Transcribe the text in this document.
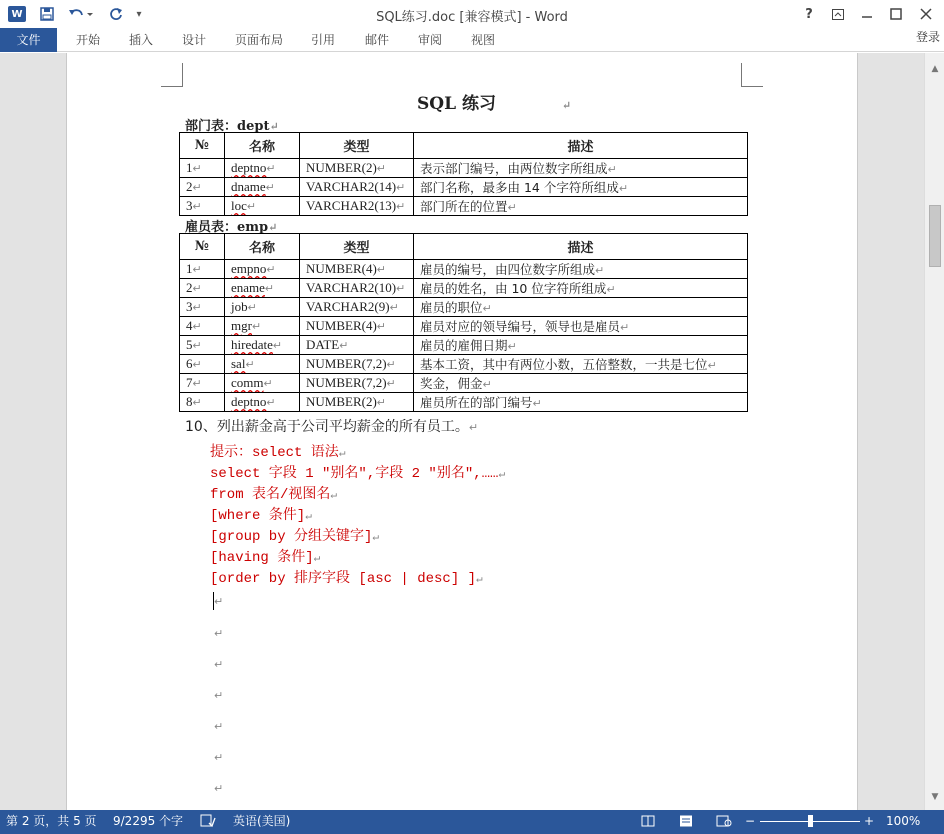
W	▾	SQL练习.doc [兼容模式] - Word	?
文件	开始	插入	设计	页面布局	引用	邮件	审阅	视图	登录
SQL 练习	↵
部门表：dept↵
№	名称	类型	描述
1↵	deptno↵	NUMBER(2)↵	表示部门编号，由两位数字所组成↵
2↵	dname↵	VARCHAR2(14)↵	部门名称，最多由 14 个字符所组成↵
3↵	loc↵	VARCHAR2(13)↵	部门所在的位置↵
雇员表：emp↵
№	名称	类型	描述
1↵	empno↵	NUMBER(4)↵	雇员的编号，由四位数字所组成↵
2↵	ename↵	VARCHAR2(10)↵	雇员的姓名，由 10 位字符所组成↵
3↵	job↵	VARCHAR2(9)↵	雇员的职位↵
4↵	mgr↵	NUMBER(4)↵	雇员对应的领导编号，领导也是雇员↵
5↵	hiredate↵	DATE↵	雇员的雇佣日期↵
6↵	sal↵	NUMBER(7,2)↵	基本工资，其中有两位小数，五倍整数，一共是七位↵
7↵	comm↵	NUMBER(7,2)↵	奖金，佣金↵
8↵	deptno↵	NUMBER(2)↵	雇员所在的部门编号↵
10、列出薪金高于公司平均薪金的所有员工。↵
提示：select 语法↵
select 字段 1 "别名",字段 2 "别名",……↵
from 表名/视图名↵
[where 条件]↵
[group by 分组关键字]↵
[having 条件]↵
[order by 排序字段 [asc | desc] ]↵
↵
↵
↵
↵
↵
↵
↵
▲
▼
第 2 页，共 5 页 9/2295 个字	英语(美国)	−	+ 100%
